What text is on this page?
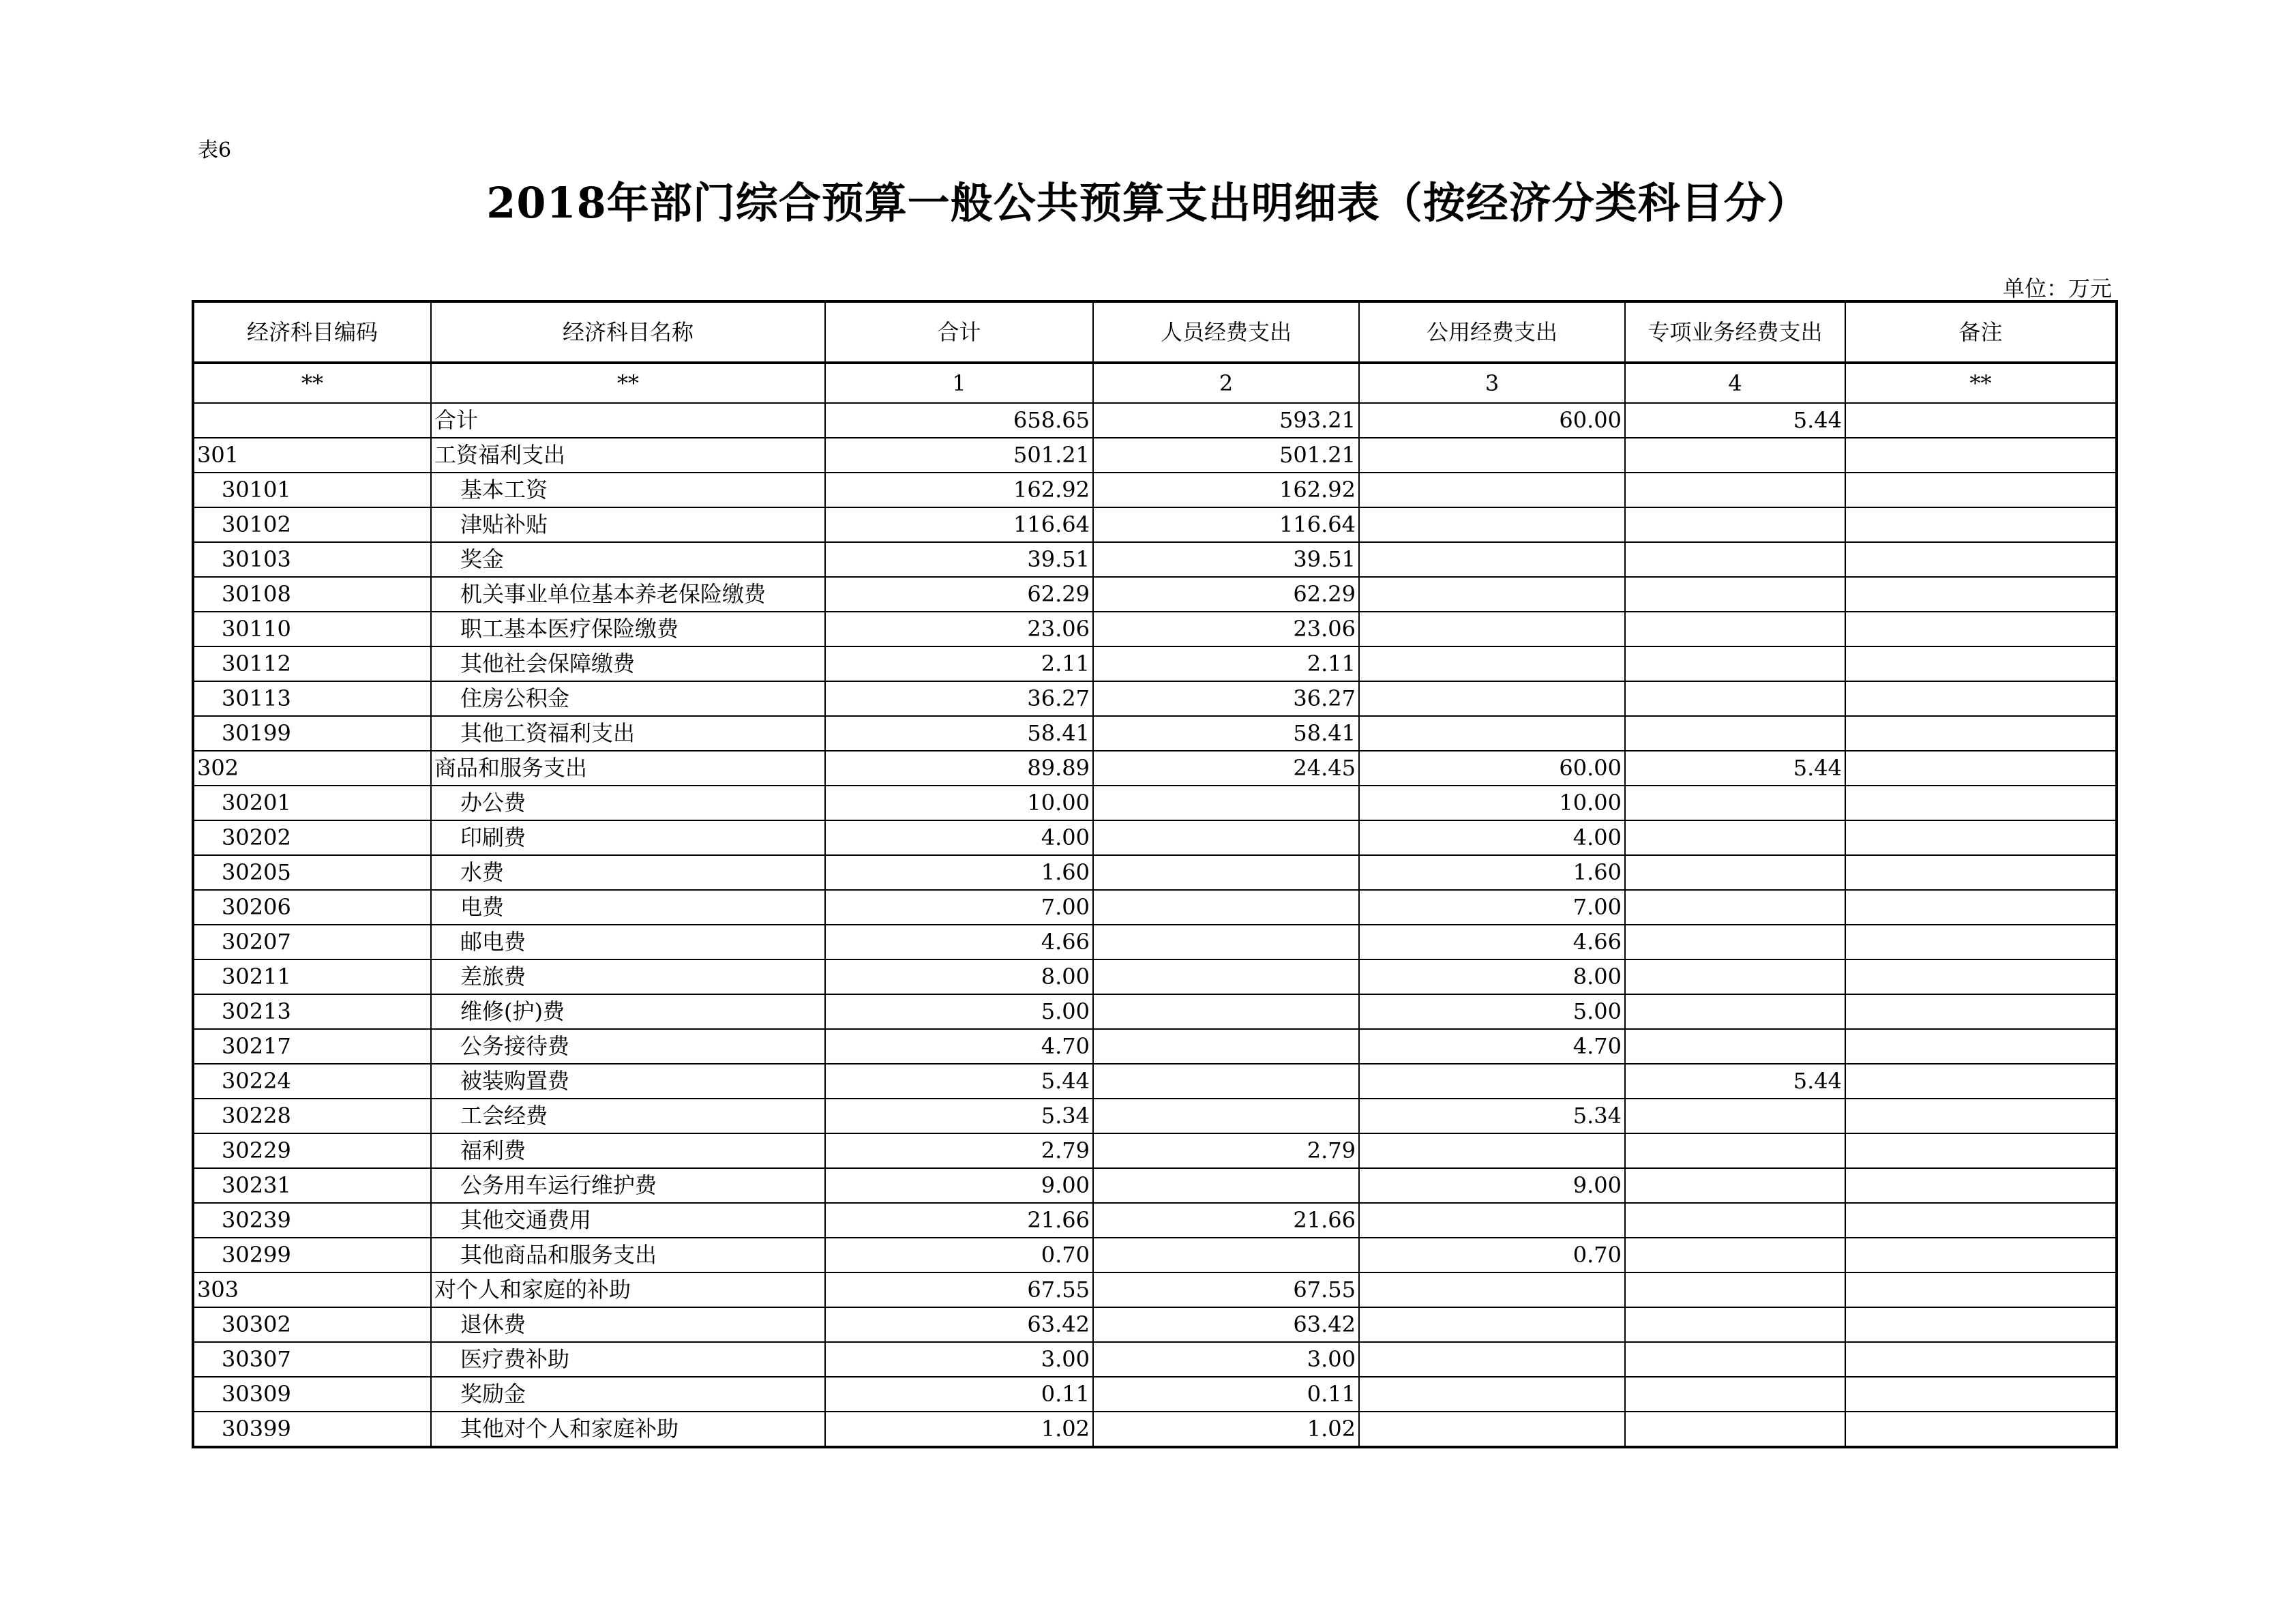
表6
2018年部门综合预算一般公共预算支出明细表（按经济分类科目分）
单位：万元
经济科目编码	经济科目名称	合计	人员经费支出	公用经费支出	专项业务经费支出	备注
**	**	1	2	3	4	**
	合计	658.65	593.21	60.00	5.44	
301	工资福利支出	501.21	501.21			
30101	基本工资	162.92	162.92			
30102	津贴补贴	116.64	116.64			
30103	奖金	39.51	39.51			
30108	机关事业单位基本养老保险缴费	62.29	62.29			
30110	职工基本医疗保险缴费	23.06	23.06			
30112	其他社会保障缴费	2.11	2.11			
30113	住房公积金	36.27	36.27			
30199	其他工资福利支出	58.41	58.41			
302	商品和服务支出	89.89	24.45	60.00	5.44	
30201	办公费	10.00		10.00		
30202	印刷费	4.00		4.00		
30205	水费	1.60		1.60		
30206	电费	7.00		7.00		
30207	邮电费	4.66		4.66		
30211	差旅费	8.00		8.00		
30213	维修(护)费	5.00		5.00		
30217	公务接待费	4.70		4.70		
30224	被装购置费	5.44			5.44	
30228	工会经费	5.34		5.34		
30229	福利费	2.79	2.79			
30231	公务用车运行维护费	9.00		9.00		
30239	其他交通费用	21.66	21.66			
30299	其他商品和服务支出	0.70		0.70		
303	对个人和家庭的补助	67.55	67.55			
30302	退休费	63.42	63.42			
30307	医疗费补助	3.00	3.00			
30309	奖励金	0.11	0.11			
30399	其他对个人和家庭补助	1.02	1.02			
